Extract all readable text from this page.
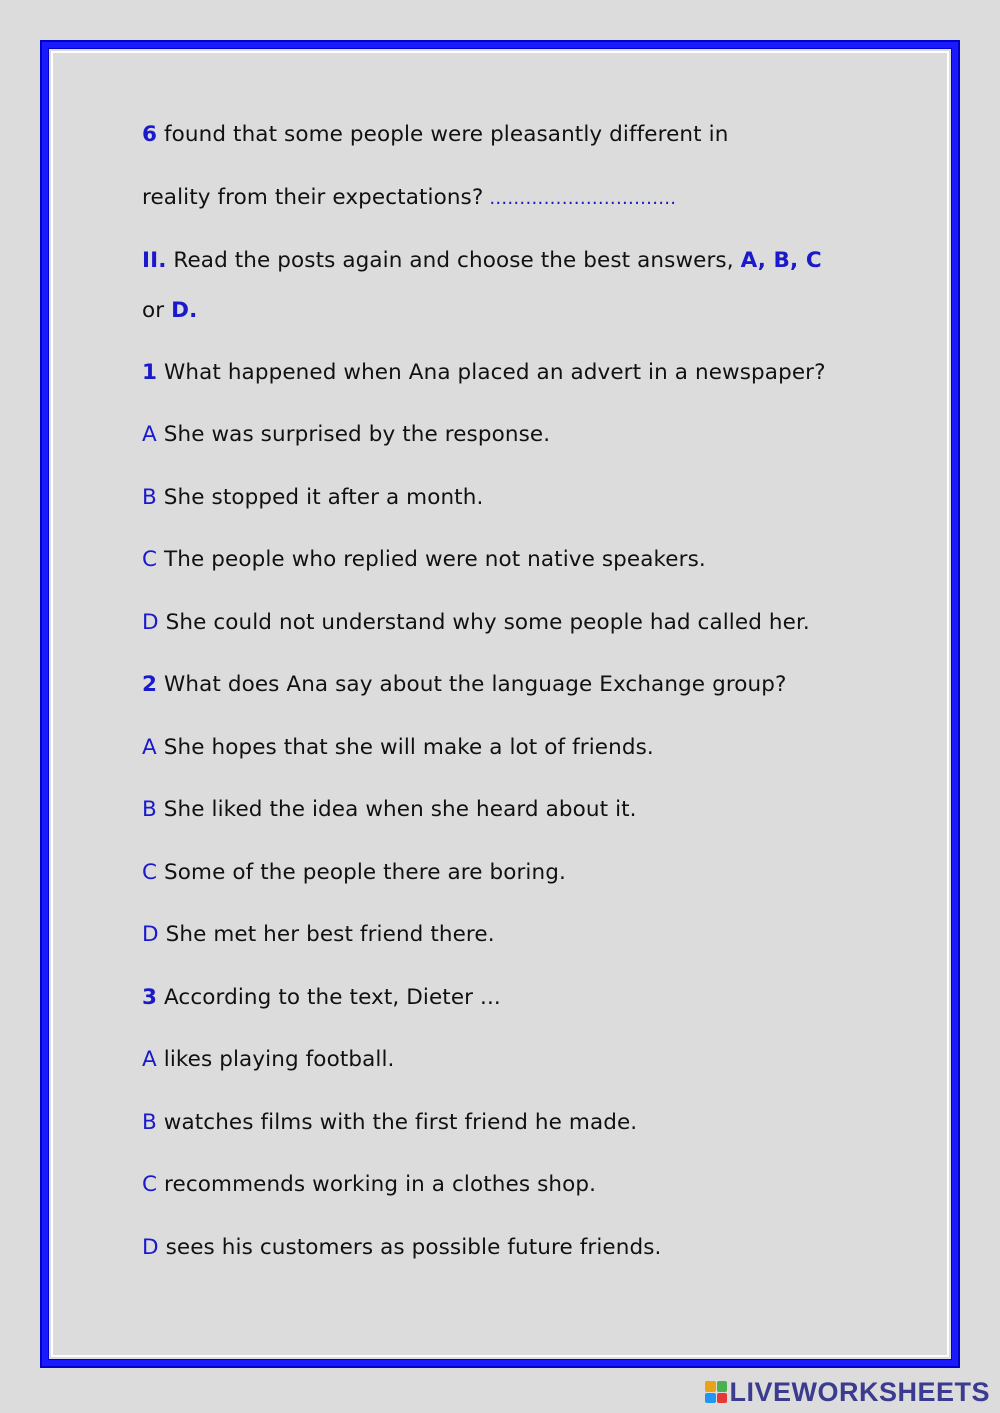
6 found that some people were pleasantly different in
reality from their expectations? ………………………….
II. Read the posts again and choose the best answers, A, B, C
or D.
1 What happened when Ana placed an advert in a newspaper?
A She was surprised by the response.
B She stopped it after a month.
C The people who replied were not native speakers.
D She could not understand why some people had called her.
2 What does Ana say about the language Exchange group?
A She hopes that she will make a lot of friends.
B She liked the idea when she heard about it.
C Some of the people there are boring.
D She met her best friend there.
3 According to the text, Dieter ...
A likes playing football.
B watches films with the first friend he made.
C recommends working in a clothes shop.
D sees his customers as possible future friends.
LIVEWORKSHEETS
